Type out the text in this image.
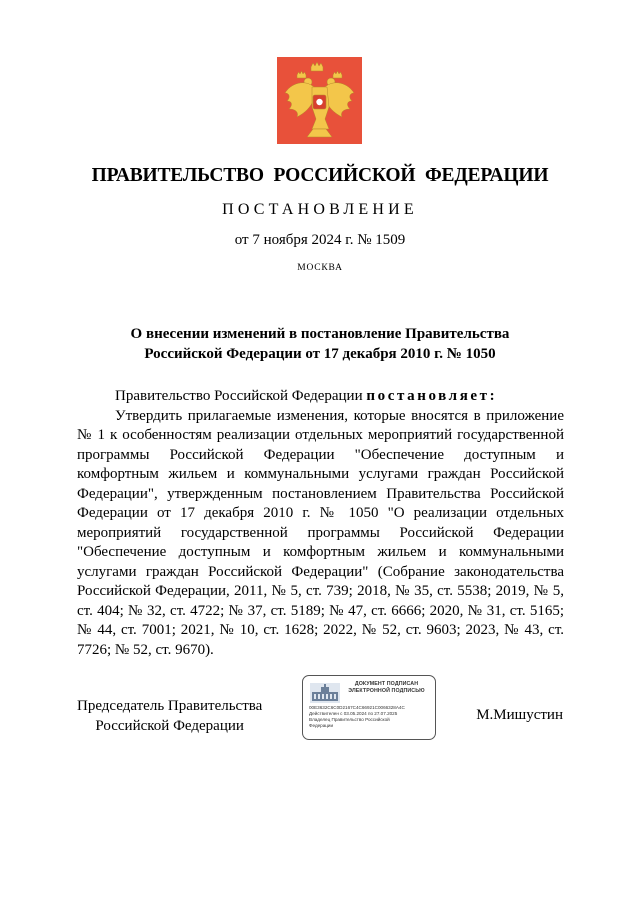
ПРАВИТЕЛЬСТВО РОССИЙСКОЙ ФЕДЕРАЦИИ
ПОСТАНОВЛЕНИЕ
от 7 ноября 2024 г. № 1509
МОСКВА
О внесении изменений в постановление Правительства
Российской Федерации от 17 декабря 2010 г. № 1050

Правительство Российской Федерации постановляет:

Утвердить прилагаемые изменения, которые вносятся в приложение № 1 к особенностям реализации отдельных мероприятий государственной программы Российской Федерации "Обеспечение доступным и комфортным жильем и коммунальными услугами граждан Российской Федерации", утвержденным постановлением Правительства Российской Федерации от 17 декабря 2010 г. № 1050 "О реализации отдельных мероприятий государственной программы Российской Федерации "Обеспечение доступным и комфортным жильем и коммунальными услугами граждан Российской Федерации" (Собрание законодательства Российской Федерации, 2011, № 5, ст. 739; 2018, № 35, ст. 5538; 2019, № 5, ст. 404; № 32, ст. 4722; № 37, ст. 5189; № 47, ст. 6666; 2020, № 31, ст. 5165; № 44, ст. 7001; 2021, № 10, ст. 1628; 2022, № 52, ст. 9603; 2023, № 43, ст. 7726; № 52, ст. 9670).

Председатель Правительства
Российской Федерации
ДОКУМЕНТ ПОДПИСАН
ЭЛЕКТРОННОЙ ПОДПИСЬЮ
00E3632C6C0D2167C4C66921C0066328A4C
Действителен с 03.05.2024 по 27.07.2025
Владелец Правительство Российской
Федерации
М.Мишустин
